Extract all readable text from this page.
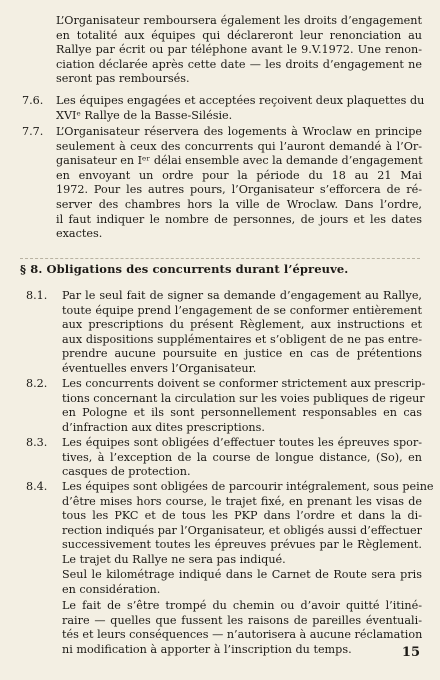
L’Organisateur remboursera également les droits d’engagement
en totalité aux équipes qui déclareront leur renonciation au
Rallye par écrit ou par téléphone avant le 9.V.1972. Une renon-
ciation déclarée après cette date — les droits d’engagement ne
seront pas remboursés.
7.6. Les équipes engagées et acceptées reçoivent deux plaquettes du
XVIᵉ Rallye de la Basse-Silésie.
7.7. L’Organisateur réservera des logements à Wroclaw en principe
seulement à ceux des concurrents qui l’auront demandé à l’Or-
ganisateur en Iᵉʳ délai ensemble avec la demande d’engagement
en envoyant un ordre pour la période du 18 au 21 Mai
1972. Pour les autres pours, l’Organisateur s’efforcera de ré-
server des chambres hors la ville de Wroclaw. Dans l’ordre,
il faut indiquer le nombre de personnes, de jours et les dates
exactes.
§ 8. Obligations des concurrents durant l’épreuve.
8.1. Par le seul fait de signer sa demande d’engagement au Rallye,
toute équipe prend l’engagement de se conformer entièrement
aux prescriptions du présent Règlement, aux instructions et
aux dispositions supplémentaires et s’obligent de ne pas entre-
prendre aucune poursuite en justice en cas de prétentions
éventuelles envers l’Organisateur.
8.2. Les concurrents doivent se conformer strictement aux prescrip-
tions concernant la circulation sur les voies publiques de rigeur
en Pologne et ils sont personnellement responsables en cas
d’infraction aux dites prescriptions.
8.3. Les équipes sont obligées d’effectuer toutes les épreuves spor-
tives, à l’exception de la course de longue distance, (So), en
casques de protection.
8.4. Les équipes sont obligées de parcourir intégralement, sous peine
d’être mises hors course, le trajet fixé, en prenant les visas de
tous les PKC et de tous les PKP dans l’ordre et dans la di-
rection indiqués par l’Organisateur, et obligés aussi d’effectuer
successivement toutes les épreuves prévues par le Règlement.
Le trajet du Rallye ne sera pas indiqué.
Seul le kilométrage indiqué dans le Carnet de Route sera pris
en considération.
Le fait de s’être trompé du chemin ou d’avoir quitté l’itiné-
raire — quelles que fussent les raisons de pareilles éventuali-
tés et leurs conséquences — n’autorisera à aucune réclamation
ni modification à apporter à l’inscription du temps.	15
